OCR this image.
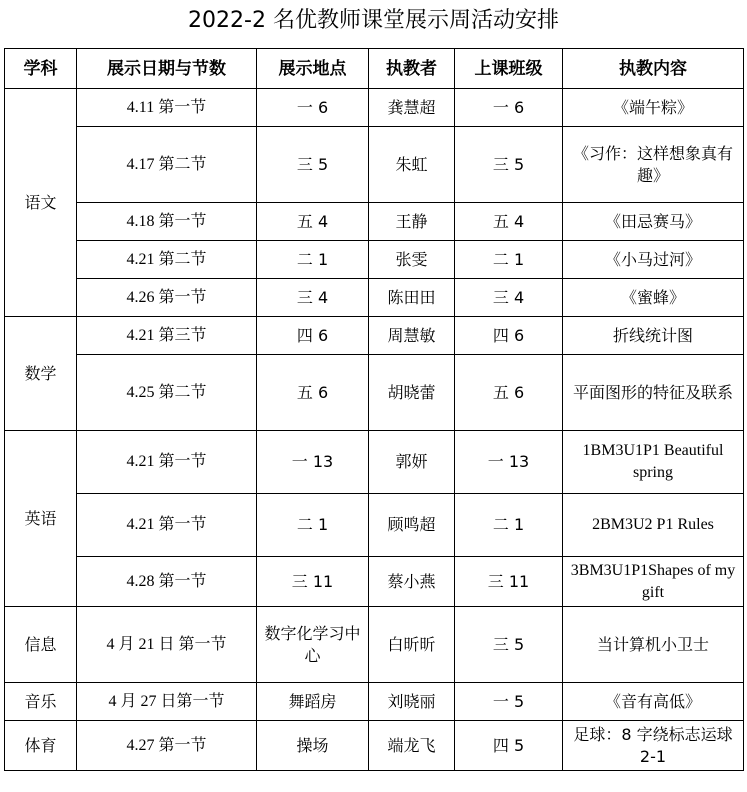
2022-2 名优教师课堂展示周活动安排
学科	展示日期与节数	展示地点	执教者	上课班级	执教内容
语文	4.11 第一节	一 6	龚慧超	一 6	《端午粽》
	4.17 第二节	三 5	朱虹	三 5	《习作：这样想象真有趣》
	4.18 第一节	五 4	王静	五 4	《田忌赛马》
	4.21 第二节	二 1	张雯	二 1	《小马过河》
	4.26 第一节	三 4	陈田田	三 4	《蜜蜂》
数学	4.21 第三节	四 6	周慧敏	四 6	折线统计图
	4.25 第二节	五 6	胡晓蕾	五 6	平面图形的特征及联系
英语	4.21 第一节	一 13	郭妍	一 13	1BM3U1P1 Beautiful spring
	4.21 第一节	二 1	顾鸣超	二 1	2BM3U2 P1 Rules
	4.28 第一节	三 11	蔡小燕	三 11	3BM3U1P1Shapes of my gift
信息	4 月 21 日 第一节	数字化学习中心	白昕昕	三 5	当计算机小卫士
音乐	4 月 27 日第一节	舞蹈房	刘晓丽	一 5	《音有高低》
体育	4.27 第一节	操场	端龙飞	四 5	足球：8 字绕标志运球 2-1
